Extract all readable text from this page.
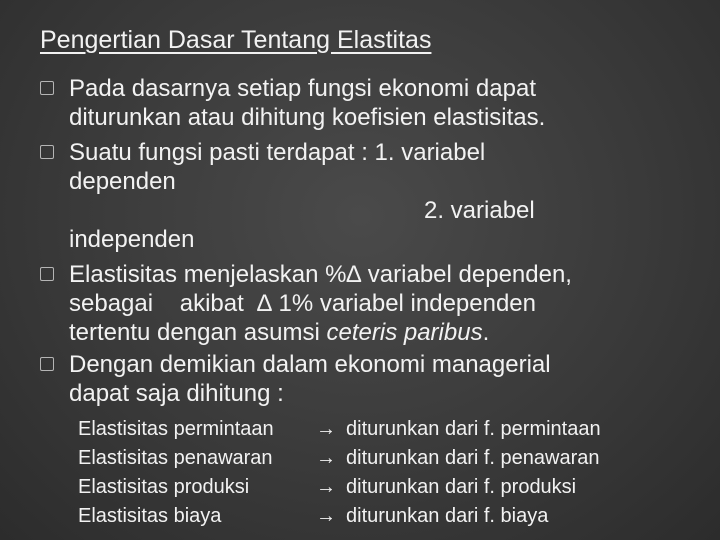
Pengertian Dasar Tentang Elastitas
Pada dasarnya setiap fungsi ekonomi dapat
diturunkan atau dihitung koefisien elastisitas.
Suatu fungsi pasti terdapat : 1. variabel
dependen
2. variabel
independen
Elastisitas menjelaskan %∆ variabel dependen,
sebagai    akibat  ∆ 1% variabel independen
tertentu dengan asumsi ceteris paribus.
Dengan demikian dalam ekonomi managerial
dapat saja dihitung :
Elastisitas permintaan → diturunkan dari f. permintaan
Elastisitas penawaran → diturunkan dari f. penawaran
Elastisitas produksi	→ diturunkan dari f. produksi
Elastisitas biaya	→ diturunkan dari f. biaya
